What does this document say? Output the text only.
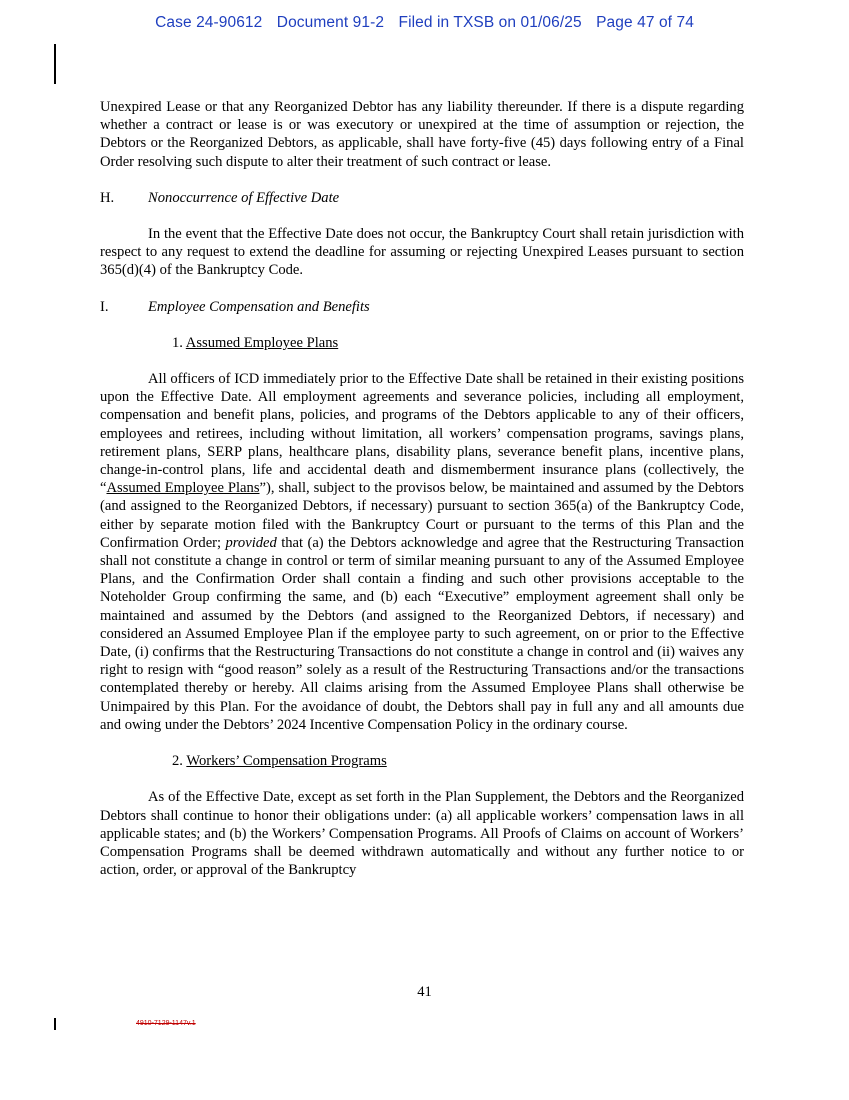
Case 24-90612 Document 91-2 Filed in TXSB on 01/06/25 Page 47 of 74

Unexpired Lease or that any Reorganized Debtor has any liability thereunder. If there is a dispute regarding whether a contract or lease is or was executory or unexpired at the time of assumption or rejection, the Debtors or the Reorganized Debtors, as applicable, shall have forty-five (45) days following entry of a Final Order resolving such dispute to alter their treatment of such contract or lease.

H. Nonoccurrence of Effective Date

In the event that the Effective Date does not occur, the Bankruptcy Court shall retain jurisdiction with respect to any request to extend the deadline for assuming or rejecting Unexpired Leases pursuant to section 365(d)(4) of the Bankruptcy Code.

I.	Employee Compensation and Benefits
1. Assumed Employee Plans

All officers of ICD immediately prior to the Effective Date shall be retained in their existing positions upon the Effective Date. All employment agreements and severance policies, including all employment, compensation and benefit plans, policies, and programs of the Debtors applicable to any of their officers, employees and retirees, including without limitation, all workers’ compensation programs, savings plans, retirement plans, SERP plans, healthcare plans, disability plans, severance benefit plans, incentive plans, change-in-control plans, life and accidental death and dismemberment insurance plans (collectively, the “Assumed Employee Plans”), shall, subject to the provisos below, be maintained and assumed by the Debtors (and assigned to the Reorganized Debtors, if necessary) pursuant to section 365(a) of the Bankruptcy Code, either by separate motion filed with the Bankruptcy Court or pursuant to the terms of this Plan and the Confirmation Order; provided that (a) the Debtors acknowledge and agree that the Restructuring Transaction shall not constitute a change in control or term of similar meaning pursuant to any of the Assumed Employee Plans, and the Confirmation Order shall contain a finding and such other provisions acceptable to the Noteholder Group confirming the same, and (b) each “Executive” employment agreement shall only be maintained and assumed by the Debtors (and assigned to the Reorganized Debtors, if necessary) and considered an Assumed Employee Plan if the employee party to such agreement, on or prior to the Effective Date, (i) confirms that the Restructuring Transactions do not constitute a change in control and (ii) waives any right to resign with “good reason” solely as a result of the Restructuring Transactions and/or the transactions contemplated thereby or hereby. All claims arising from the Assumed Employee Plans shall otherwise be Unimpaired by this Plan. For the avoidance of doubt, the Debtors shall pay in full any and all amounts due and owing under the Debtors’ 2024 Incentive Compensation Policy in the ordinary course.

2. Workers’ Compensation Programs

As of the Effective Date, except as set forth in the Plan Supplement, the Debtors and the Reorganized Debtors shall continue to honor their obligations under: (a) all applicable workers’ compensation laws in all applicable states; and (b) the Workers’ Compensation Programs. All Proofs of Claims on account of Workers’ Compensation Programs shall be deemed withdrawn automatically and without any further notice to or action, order, or approval of the Bankruptcy

41
4910-7129-1147v.1
